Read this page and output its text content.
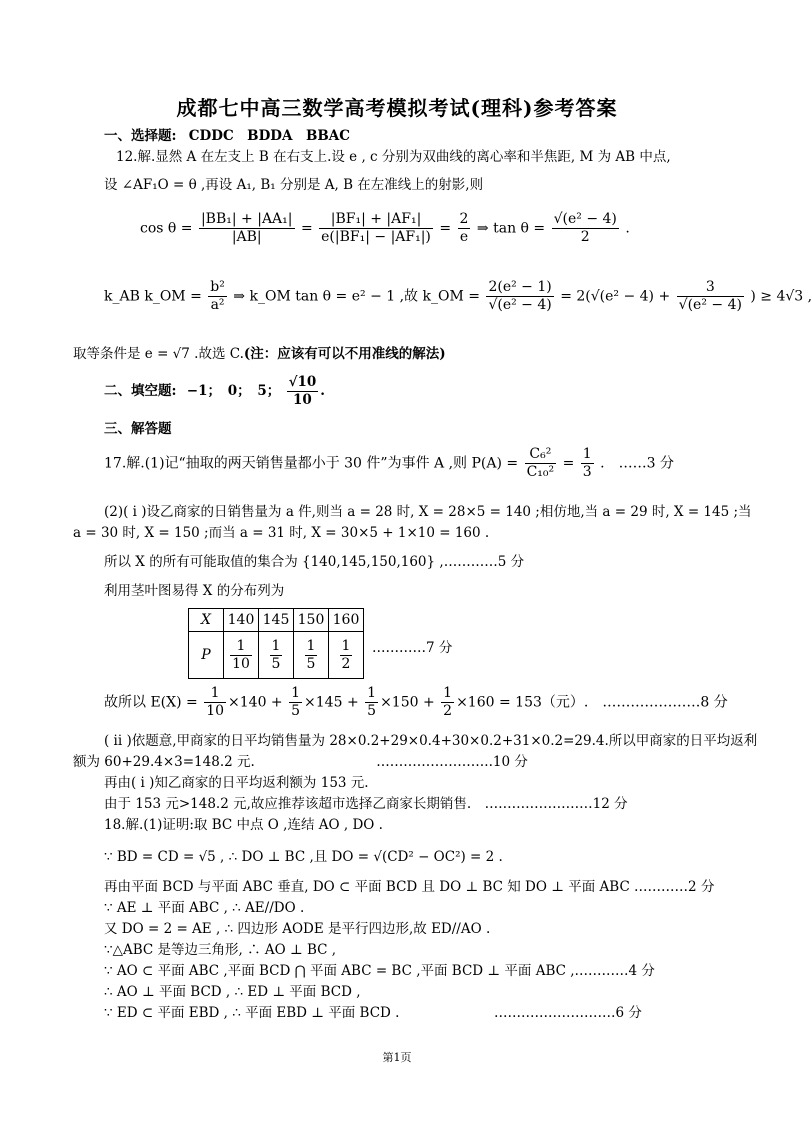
成都七中高三数学高考模拟考试(理科)参考答案
一、选择题: CDDC　BDDA　BBAC
12.解.显然 A 在左支上 B 在右支上.设 e , c 分别为双曲线的离心率和半焦距, M 为 AB 中点,
设 ∠AF₁O = θ ,再设 A₁, B₁ 分别是 A, B 在左准线上的射影,则
$\cos \theta = \frac{\text{|BB₁| + |AA₁|}}{|AB|} = \frac{\text{|BF₁| + |AF₁|}}{\text{e(|BF₁| − |AF₁|)}} = \frac{2}{e}$ ⇒ $\tan \theta = \frac{\text{√(e² − 4)}}{2}$ .
k_AB k_OM = $\frac{\text{b²}}{\text{a²}}$ ⇒ k_OM tan θ = e² − 1 ,故 k_OM = $\frac{\text{2(e² − 1)}}{\text{√(e² − 4)}} = 2(√(e^2 - 4) + \frac{3}{\text{√(e² − 4)}}$ ) ≥ 4√3 ,
取等条件是 e = √7 .故选 C.(注：应该有可以不用准线的解法)
二、填空题: −1；　0；　5； $\frac{√10}{10}$ .
三、解答题
17.解.(1)记“抽取的两天销售量都小于 30 件”为事件 A ,则 $P(A) = \frac{\text{C₆²}}{\text{C₁₀²}} = \frac{1}{3}$ .　……3 分
(2)( i )设乙商家的日销售量为 a 件,则当 a = 28 时, X = 28×5 = 140 ;相仿地,当 a = 29 时, X = 145 ;当
a = 30 时, X = 150 ;而当 a = 31 时, X = 30×5 + 1×10 = 160 .
所以 X 的所有可能取值的集合为 {140,145,150,160} ,…………5 分
利用茎叶图易得 X 的分布列为
X	140	145	150	160
P	$\frac{1}{10}$	$\frac{1}{5}$	$\frac{1}{5}$	$\frac{1}{2}$ …………7 分
故所以 $E(X) = \frac{1}{10} \times 140 + \frac{1}{5} \times 145 + \frac{1}{5} \times 150 + \frac{1}{2} \times 160 = 153$（元）.　…………………8 分
( ii )依题意,甲商家的日平均销售量为 28×0.2+29×0.4+30×0.2+31×0.2=29.4.所以甲商家的日平均返利
额为 60+29.4×3=148.2 元.　　　　　　　　　……………………..10 分
再由( i )知乙商家的日平均返利额为 153 元.
由于 153 元>148.2 元,故应推荐该超市选择乙商家长期销售.　……………………12 分
18.解.(1)证明:取 BC 中点 O ,连结 AO , DO .
∵ BD = CD = √5 , ∴ DO ⊥ BC ,且 DO = √(CD² − OC²) = 2 .
再由平面 BCD 与平面 ABC 垂直, DO ⊂ 平面 BCD 且 DO ⊥ BC 知 DO ⊥ 平面 ABC …………2 分
∵ AE ⊥ 平面 ABC , ∴ AE//DO .
又 DO = 2 = AE , ∴ 四边形 AODE 是平行四边形,故 ED//AO .
∵△ABC 是等边三角形, ∴ AO ⊥ BC ,
∵ AO ⊂ 平面 ABC ,平面 BCD ⋂ 平面 ABC = BC ,平面 BCD ⊥ 平面 ABC ,…………4 分
∴ AO ⊥ 平面 BCD , ∴ ED ⊥ 平面 BCD ,
∵ ED ⊂ 平面 EBD , ∴ 平面 EBD ⊥ 平面 BCD .　　　　　　　………………………6 分
第1页
